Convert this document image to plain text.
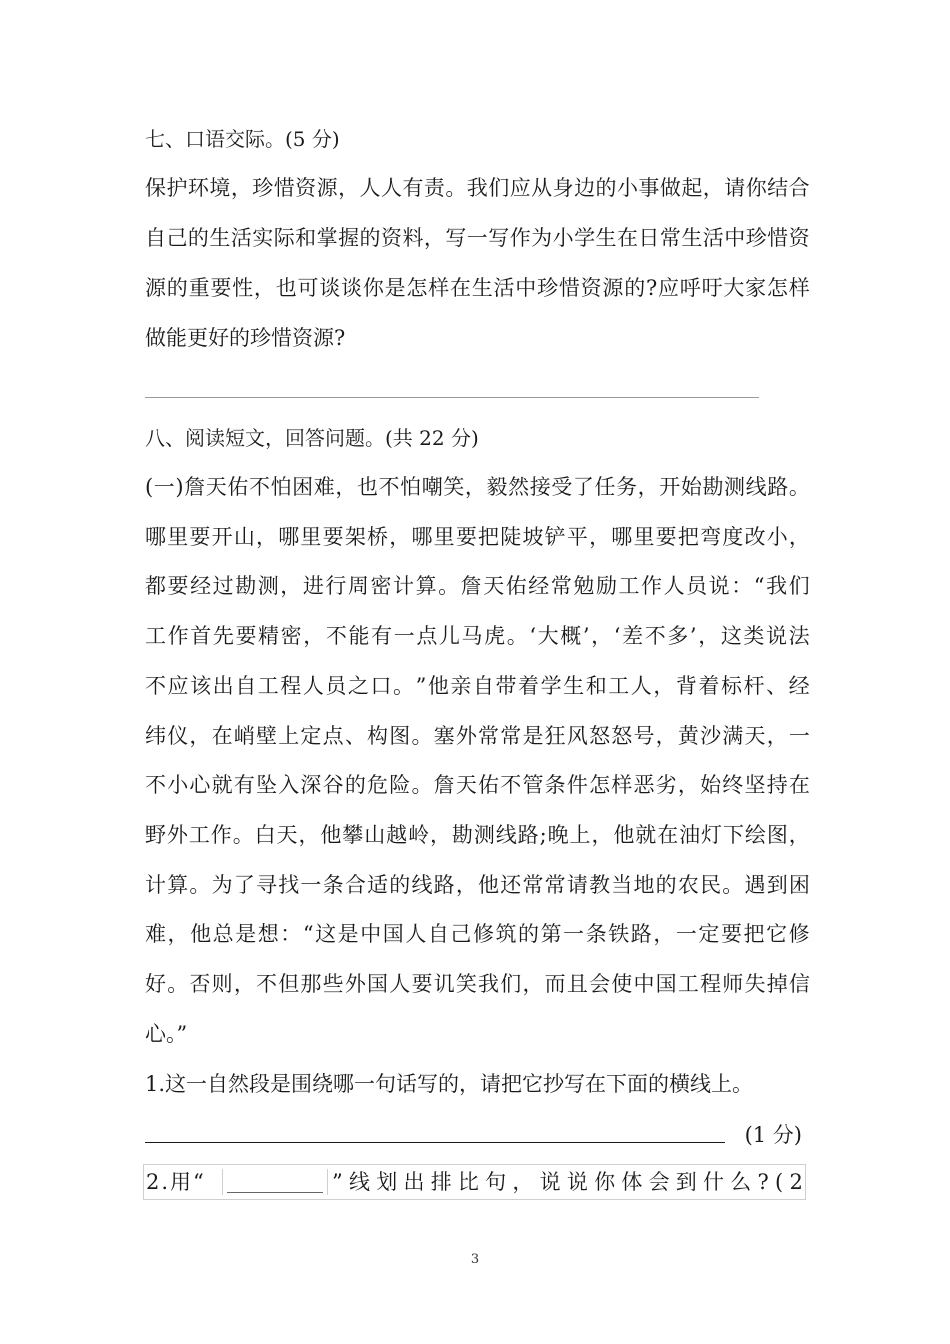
七、口语交际。(5 分)
保 护 环 境 ， 珍 惜 资 源 ， 人 人 有 责 。 我 们 应 从 身 边 的 小 事 做 起 ， 请 你 结 合
自 己 的 生 活 实 际 和 掌 握 的 资 料 ， 写 一 写 作 为 小 学 生 在 日 常 生 活 中 珍 惜 资
源 的 重 要 性 ， 也 可 谈 谈 你 是 怎 样 在 生 活 中 珍 惜 资 源 的 ? 应 呼 吁 大 家 怎 样
做能更好的珍惜资源?
八、阅读短文，回答问题。(共 22 分)
( 一 ) 詹 天 佑 不 怕 困 难 ， 也 不 怕 嘲 笑 ， 毅 然 接 受 了 任 务 ， 开 始 勘 测 线 路 。
哪 里 要 开 山 ， 哪 里 要 架 桥 ， 哪 里 要 把 陡 坡 铲 平 ， 哪 里 要 把 弯 度 改 小 ，
都 要 经 过 勘 测 ， 进 行 周 密 计 算 。 詹 天 佑 经 常 勉 励 工 作 人 员 说 ： “ 我 们
工 作 首 先 要 精 密 ， 不 能 有 一 点 儿 马 虎 。 ‘ 大 概 ’ ， ‘ 差 不 多 ’ ， 这 类 说 法
不 应 该 出 自 工 程 人 员 之 口 。 ” 他 亲 自 带 着 学 生 和 工 人 ， 背 着 标 杆 、 经
纬 仪 ， 在 峭 壁 上 定 点 、 构 图 。 塞 外 常 常 是 狂 风 怒 怒 号 ， 黄 沙 满 天 ， 一
不 小 心 就 有 坠 入 深 谷 的 危 险 。 詹 天 佑 不 管 条 件 怎 样 恶 劣 ， 始 终 坚 持 在
野 外 工 作 。 白 天 ， 他 攀 山 越 岭 ， 勘 测 线 路 ; 晚 上 ， 他 就 在 油 灯 下 绘 图 ，
计 算 。 为 了 寻 找 一 条 合 适 的 线 路 ， 他 还 常 常 请 教 当 地 的 农 民 。 遇 到 困
难 ， 他 总 是 想 ： “ 这 是 中 国 人 自 己 修 筑 的 第 一 条 铁 路 ， 一 定 要 把 它 修
好 。 否 则 ， 不 但 那 些 外 国 人 要 讥 笑 我 们 ， 而 且 会 使 中 国 工 程 师 失 掉 信
心。”
1.这一自然段是围绕哪一句话写的，请把它抄写在下面的横线上。
(1 分)
2.用“	” 线 划 出 排 比 句 ， 说 说 你 体 会 到 什 么 ? ( 2
3
